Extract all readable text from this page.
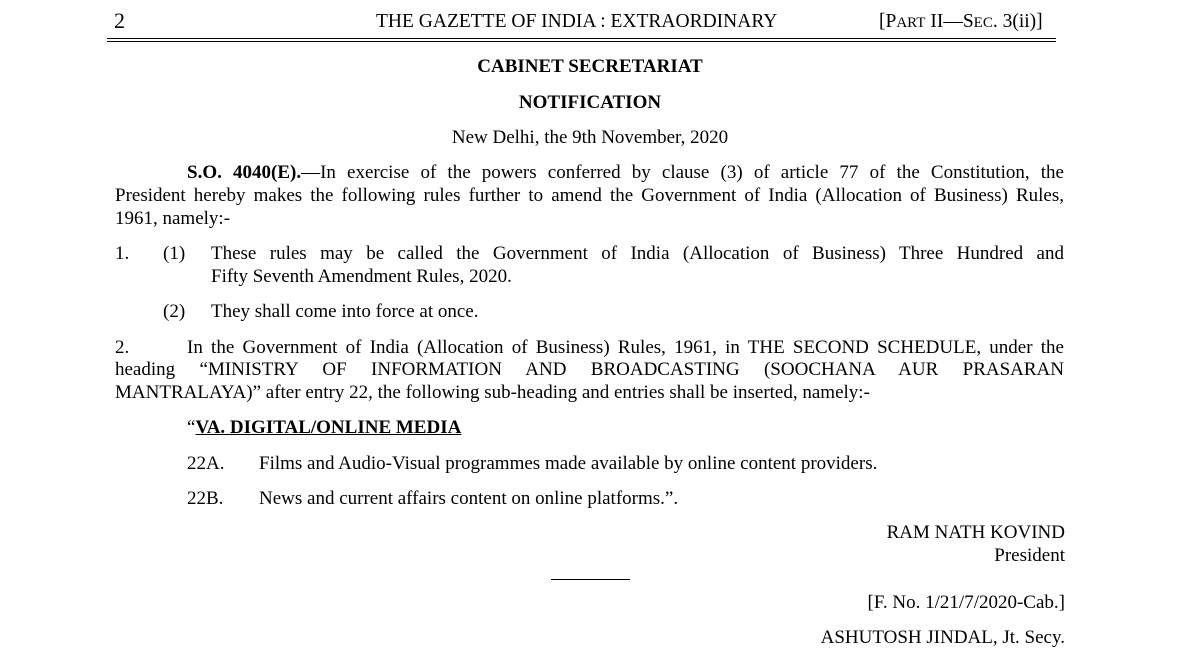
2	THE GAZETTE OF INDIA : EXTRAORDINARY	[PART II—SEC. 3(ii)]
CABINET SECRETARIAT
NOTIFICATION
New Delhi, the 9th November, 2020
S.O. 4040(E).—In exercise of the powers conferred by clause (3) of article 77 of the Constitution, the
President hereby makes the following rules further to amend the Government of India (Allocation of Business) Rules,
1961, namely:-
1. (1) These rules may be called the Government of India (Allocation of Business) Three Hundred and
Fifty Seventh Amendment Rules, 2020.
(2) They shall come into force at once.
2.	In the Government of India (Allocation of Business) Rules, 1961, in THE SECOND SCHEDULE, under the
heading “MINISTRY OF INFORMATION AND BROADCASTING (SOOCHANA AUR PRASARAN
MANTRALAYA)” after entry 22, the following sub-heading and entries shall be inserted, namely:-
“VA. DIGITAL/ONLINE MEDIA
22A. Films and Audio-Visual programmes made available by online content providers.
22B. News and current affairs content on online platforms.”.
RAM NATH KOVIND
President
[F. No. 1/21/7/2020-Cab.]
ASHUTOSH JINDAL, Jt. Secy.
